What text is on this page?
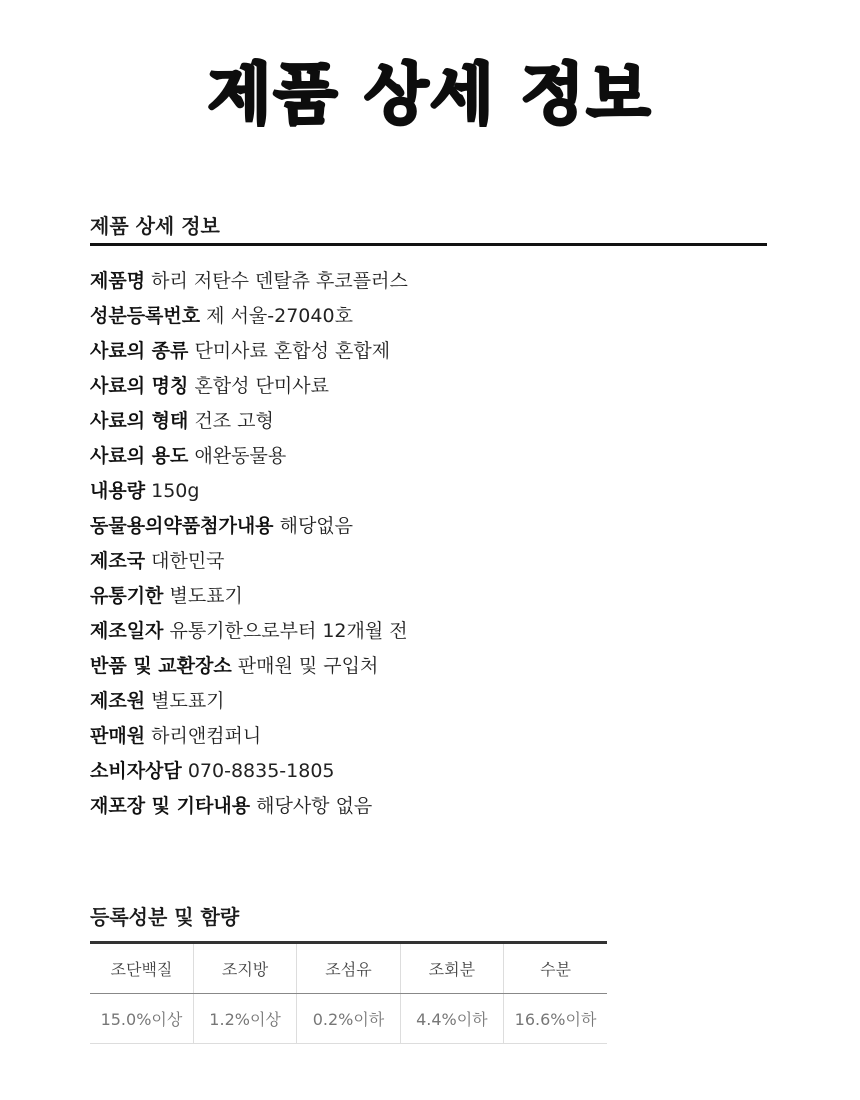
제품 상세 정보
제품 상세 정보
제품명 하리 저탄수 덴탈츄 후코플러스
성분등록번호 제 서울-27040호
사료의 종류 단미사료 혼합성 혼합제
사료의 명칭 혼합성 단미사료
사료의 형태 건조 고형
사료의 용도 애완동물용
내용량 150g
동물용의약품첨가내용 해당없음
제조국 대한민국
유통기한 별도표기
제조일자 유통기한으로부터 12개월 전
반품 및 교환장소 판매원 및 구입처
제조원 별도표기
판매원 하리앤컴퍼니
소비자상담 070-8835-1805
재포장 및 기타내용 해당사항 없음
등록성분 및 함량
조단백질	조지방	조섬유	조회분	수분
15.0%이상	1.2%이상	0.2%이하	4.4%이하	16.6%이하
